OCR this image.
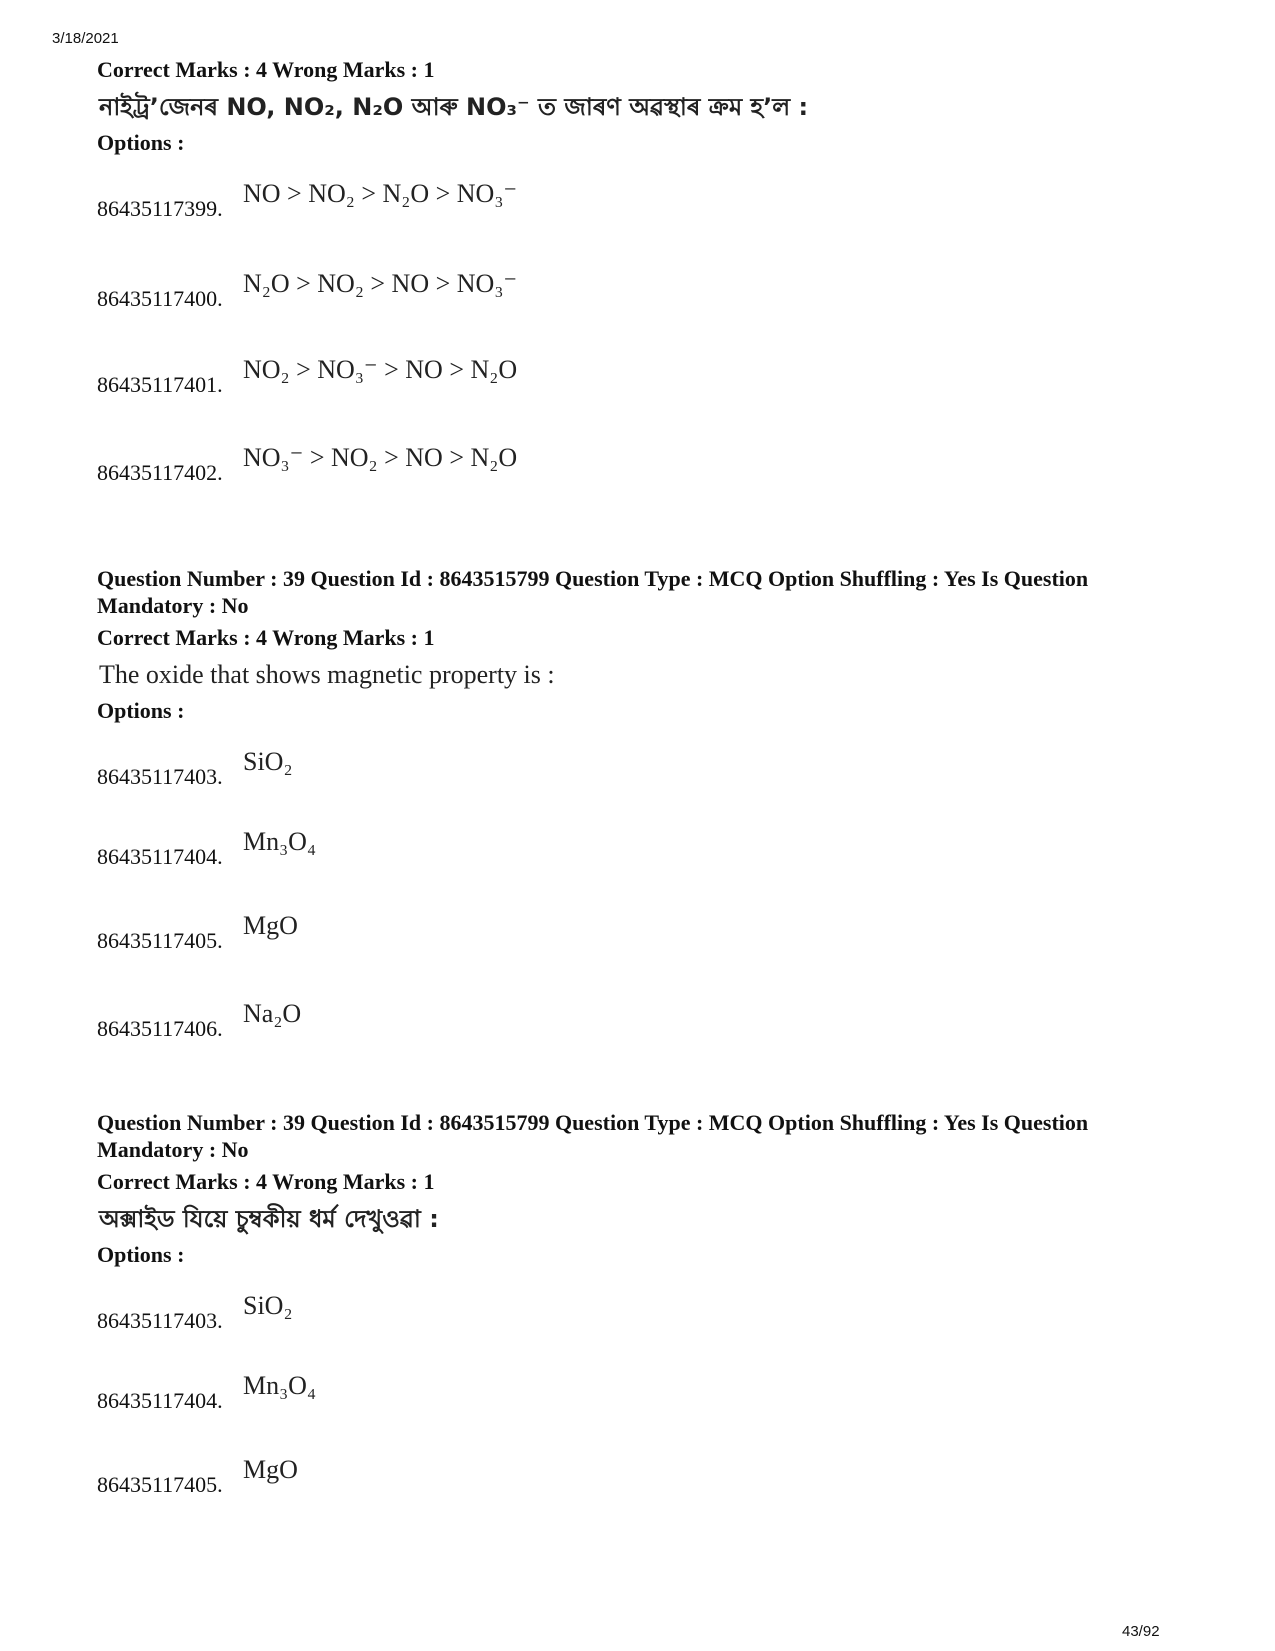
3/18/2021

Correct Marks : 4 Wrong Marks : 1

নাইট্ৰ’জেনৰ NO, NO₂, N₂O আৰু NO₃⁻ ত জাৰণ অৱস্থাৰ ক্ৰম হ’ল :

Options :

86435117399.
NO > NO₂ > N₂O > NO₃⁻
86435117400.
N₂O > NO₂ > NO > NO₃⁻
86435117401.
NO₂ > NO₃⁻ > NO > N₂O
86435117402.
NO₃⁻ > NO₂ > NO > N₂O

Question Number : 39 Question Id : 8643515799 Question Type : MCQ Option Shuffling : Yes Is Question Mandatory : No

Correct Marks : 4 Wrong Marks : 1

The oxide that shows magnetic property is :

Options :

86435117403.
SiO₂
86435117404.
Mn₃O₄
86435117405.
MgO
86435117406.
Na₂O

Question Number : 39 Question Id : 8643515799 Question Type : MCQ Option Shuffling : Yes Is Question Mandatory : No

Correct Marks : 4 Wrong Marks : 1

অক্সাইড যিয়ে চুম্বকীয় ধৰ্ম দেখুওৱা :

Options :

86435117403.
SiO₂
86435117404.
Mn₃O₄
86435117405.
MgO
43/92
